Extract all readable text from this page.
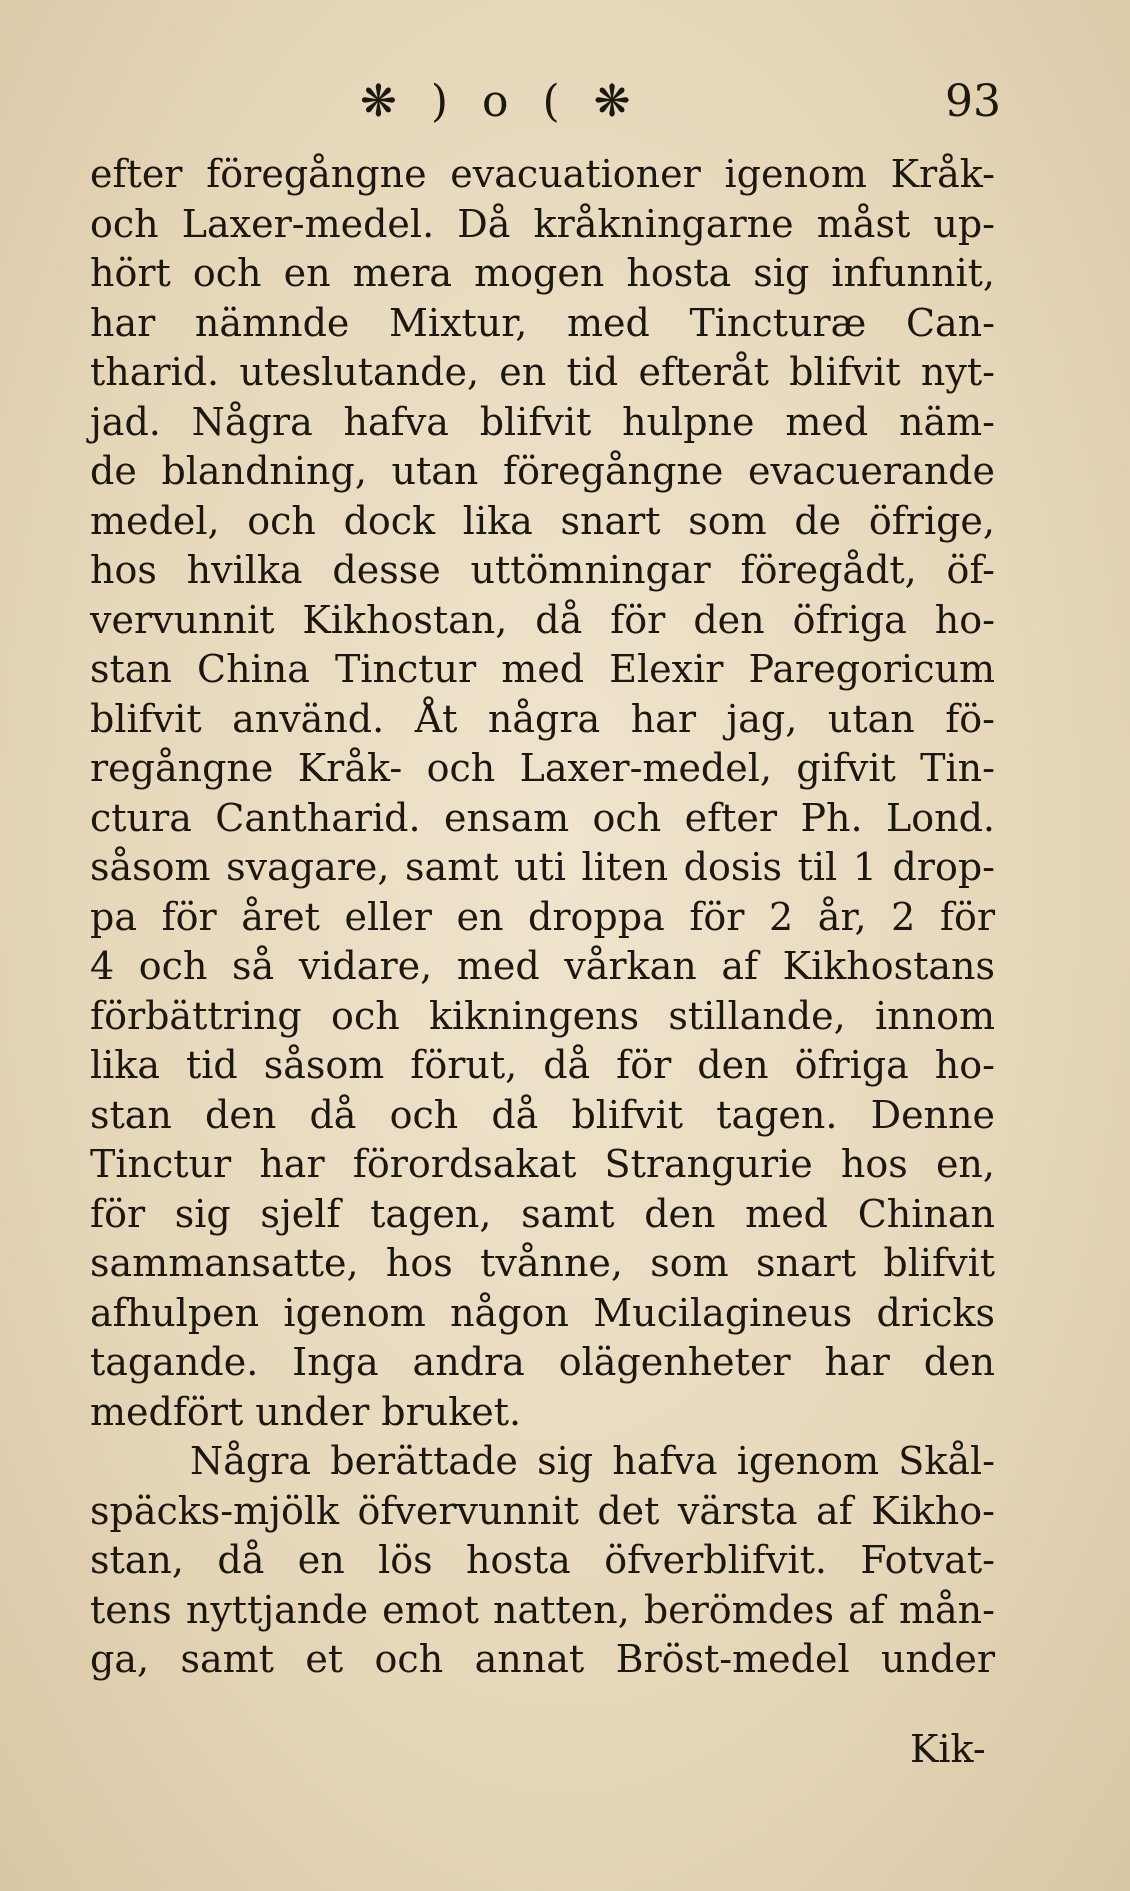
❋ ) o ( ❋	93
efter föregångne evacuationer igenom Kråk-
och Laxer-medel. Då kråkningarne måst up-
hört och en mera mogen hosta sig infunnit,
har nämnde Mixtur, med Tincturæ Can-
tharid. uteslutande, en tid efteråt blifvit nyt-
jad. Några hafva blifvit hulpne med näm-
de blandning, utan föregångne evacuerande
medel, och dock lika snart som de öfrige,
hos hvilka desse uttömningar föregådt, öf-
vervunnit Kikhostan, då för den öfriga ho-
stan China Tinctur med Elexir Paregoricum
blifvit använd. Åt några har jag, utan fö-
regångne Kråk- och Laxer-medel, gifvit Tin-
ctura Cantharid. ensam och efter Ph. Lond.
såsom svagare, samt uti liten dosis til 1 drop-
pa för året eller en droppa för 2 år, 2 för
4 och så vidare, med vårkan af Kikhostans
förbättring och kikningens stillande, innom
lika tid såsom förut, då för den öfriga ho-
stan den då och då blifvit tagen. Denne
Tinctur har förordsakat Strangurie hos en,
för sig sjelf tagen, samt den med Chinan
sammansatte, hos tvånne, som snart blifvit
afhulpen igenom någon Mucilagineus dricks
tagande. Inga andra olägenheter har den
medfört under bruket.
Några berättade sig hafva igenom Skål-
späcks-mjölk öfvervunnit det värsta af Kikho-
stan, då en lös hosta öfverblifvit. Fotvat-
tens nyttjande emot natten, berömdes af mån-
ga, samt et och annat Bröst-medel under
Kik-
